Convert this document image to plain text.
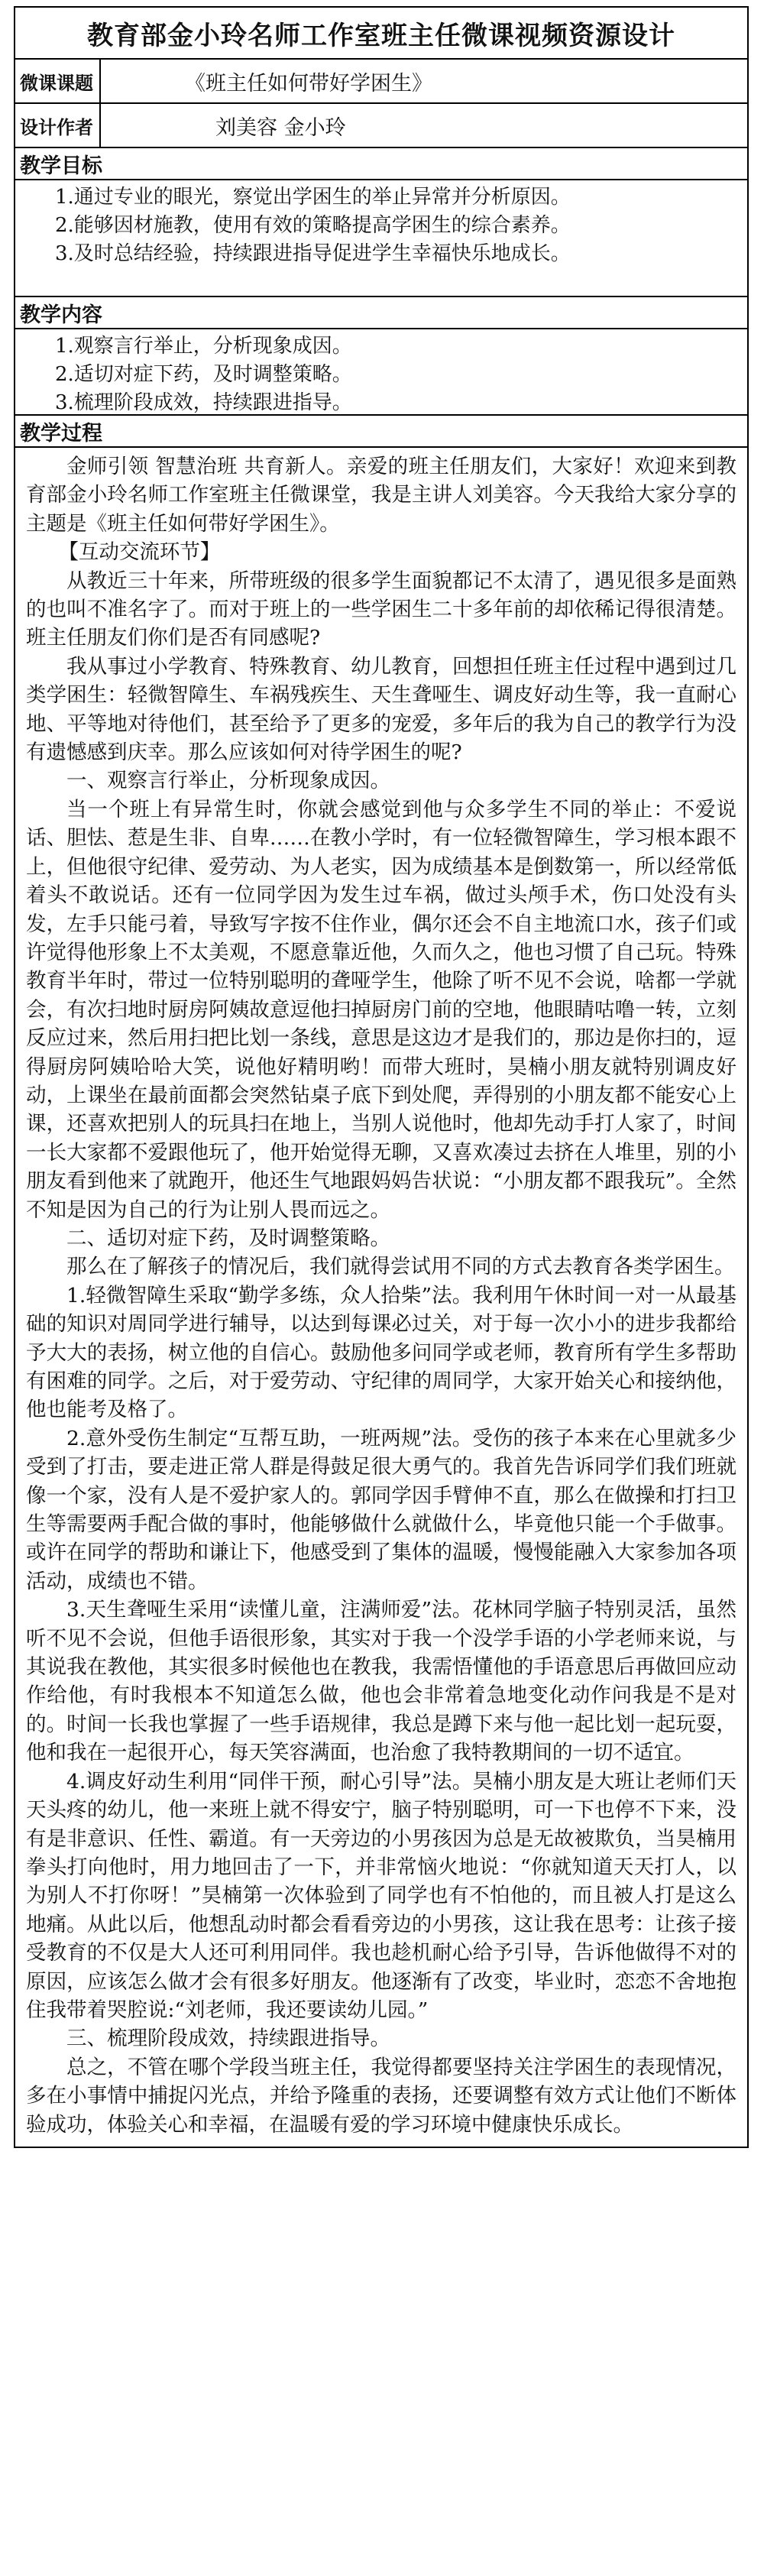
教育部金小玲名师工作室班主任微课视频资源设计
微课课题	《班主任如何带好学困生》
设计作者	刘美容 金小玲
教学目标
1.通过专业的眼光，察觉出学困生的举止异常并分析原因。
2.能够因材施教，使用有效的策略提高学困生的综合素养。
3.及时总结经验，持续跟进指导促进学生幸福快乐地成长。
教学内容
1.观察言行举止，分析现象成因。
2.适切对症下药，及时调整策略。
3.梳理阶段成效，持续跟进指导。
教学过程

金师引领 智慧治班 共育新人。亲爱的班主任朋友们，大家好！欢迎来到教育部金小玲名师工作室班主任微课堂，我是主讲人刘美容。今天我给大家分享的主题是《班主任如何带好学困生》。

【互动交流环节】

从教近三十年来，所带班级的很多学生面貌都记不太清了，遇见很多是面熟的也叫不准名字了。而对于班上的一些学困生二十多年前的却依稀记得很清楚。班主任朋友们你们是否有同感呢?

我从事过小学教育、特殊教育、幼儿教育，回想担任班主任过程中遇到过几类学困生：轻微智障生、车祸残疾生、天生聋哑生、调皮好动生等，我一直耐心地、平等地对待他们，甚至给予了更多的宠爱，多年后的我为自己的教学行为没有遗憾感到庆幸。那么应该如何对待学困生的呢?

一、观察言行举止，分析现象成因。

当一个班上有异常生时，你就会感觉到他与众多学生不同的举止：不爱说话、胆怯、惹是生非、自卑……在教小学时，有一位轻微智障生，学习根本跟不上，但他很守纪律、爱劳动、为人老实，因为成绩基本是倒数第一，所以经常低着头不敢说话。还有一位同学因为发生过车祸，做过头颅手术，伤口处没有头发，左手只能弓着，导致写字按不住作业，偶尔还会不自主地流口水，孩子们或许觉得他形象上不太美观，不愿意靠近他，久而久之，他也习惯了自己玩。特殊教育半年时，带过一位特别聪明的聋哑学生，他除了听不见不会说，啥都一学就会，有次扫地时厨房阿姨故意逗他扫掉厨房门前的空地，他眼睛咕噜一转，立刻反应过来，然后用扫把比划一条线，意思是这边才是我们的，那边是你扫的，逗得厨房阿姨哈哈大笑，说他好精明哟！而带大班时，昊楠小朋友就特别调皮好动，上课坐在最前面都会突然钻桌子底下到处爬，弄得别的小朋友都不能安心上课，还喜欢把别人的玩具扫在地上，当别人说他时，他却先动手打人家了，时间一长大家都不爱跟他玩了，他开始觉得无聊，又喜欢凑过去挤在人堆里，别的小朋友看到他来了就跑开，他还生气地跟妈妈告状说：“小朋友都不跟我玩”。全然不知是因为自己的行为让别人畏而远之。

二、适切对症下药，及时调整策略。

那么在了解孩子的情况后，我们就得尝试用不同的方式去教育各类学困生。

1.轻微智障生采取“勤学多练，众人拾柴”法。我利用午休时间一对一从最基础的知识对周同学进行辅导，以达到每课必过关，对于每一次小小的进步我都给予大大的表扬，树立他的自信心。鼓励他多问同学或老师，教育所有学生多帮助有困难的同学。之后，对于爱劳动、守纪律的周同学，大家开始关心和接纳他，他也能考及格了。

2.意外受伤生制定“互帮互助，一班两规”法。受伤的孩子本来在心里就多少受到了打击，要走进正常人群是得鼓足很大勇气的。我首先告诉同学们我们班就像一个家，没有人是不爱护家人的。郭同学因手臂伸不直，那么在做操和打扫卫生等需要两手配合做的事时，他能够做什么就做什么，毕竟他只能一个手做事。或许在同学的帮助和谦让下，他感受到了集体的温暖，慢慢能融入大家参加各项活动，成绩也不错。

3.天生聋哑生采用“读懂儿童，注满师爱”法。花林同学脑子特别灵活，虽然听不见不会说，但他手语很形象，其实对于我一个没学手语的小学老师来说，与其说我在教他，其实很多时候他也在教我，我需悟懂他的手语意思后再做回应动作给他，有时我根本不知道怎么做，他也会非常着急地变化动作问我是不是对的。时间一长我也掌握了一些手语规律，我总是蹲下来与他一起比划一起玩耍，他和我在一起很开心，每天笑容满面，也治愈了我特教期间的一切不适宜。

4.调皮好动生利用“同伴干预，耐心引导”法。昊楠小朋友是大班让老师们天天头疼的幼儿，他一来班上就不得安宁，脑子特别聪明，可一下也停不下来，没有是非意识、任性、霸道。有一天旁边的小男孩因为总是无故被欺负，当昊楠用拳头打向他时，用力地回击了一下，并非常恼火地说：“你就知道天天打人，以为别人不打你呀！”昊楠第一次体验到了同学也有不怕他的，而且被人打是这么地痛。从此以后，他想乱动时都会看看旁边的小男孩，这让我在思考：让孩子接受教育的不仅是大人还可利用同伴。我也趁机耐心给予引导，告诉他做得不对的原因，应该怎么做才会有很多好朋友。他逐渐有了改变，毕业时，恋恋不舍地抱住我带着哭腔说:“刘老师，我还要读幼儿园。”

三、梳理阶段成效，持续跟进指导。

总之，不管在哪个学段当班主任，我觉得都要坚持关注学困生的表现情况，多在小事情中捕捉闪光点，并给予隆重的表扬，还要调整有效方式让他们不断体验成功，体验关心和幸福，在温暖有爱的学习环境中健康快乐成长。
